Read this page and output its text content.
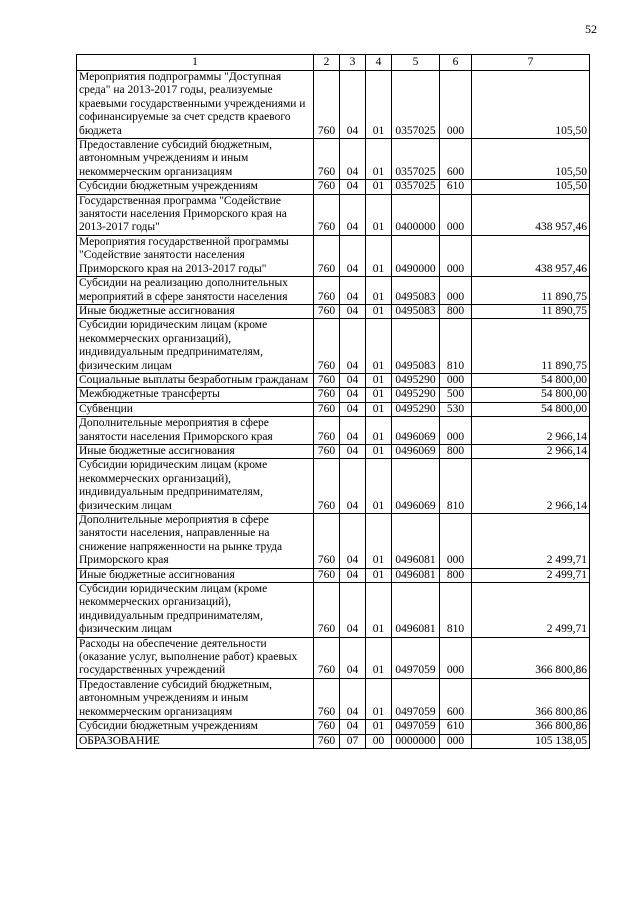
52
1	2	3	4	5	6	7
Мероприятия подпрограммы "Доступная среда" на 2013-2017 годы, реализуемые краевыми государственными учреждениями и софинансируемые за счет средств краевого бюджета	760	04	01	0357025	000	105,50
Предоставление субсидий бюджетным, автономным учреждениям и иным некоммерческим организациям	760	04	01	0357025	600	105,50
Субсидии бюджетным учреждениям	760	04	01	0357025	610	105,50
Государственная программа "Содействие занятости населения Приморского края на 2013-2017 годы"	760	04	01	0400000	000	438 957,46
Мероприятия государственной программы "Содействие занятости населения Приморского края на 2013-2017 годы"	760	04	01	0490000	000	438 957,46
Субсидии на реализацию дополнительных мероприятий в сфере занятости населения	760	04	01	0495083	000	11 890,75
Иные бюджетные ассигнования	760	04	01	0495083	800	11 890,75
Субсидии юридическим лицам (кроме некоммерческих организаций), индивидуальным предпринимателям, физическим лицам	760	04	01	0495083	810	11 890,75
Социальные выплаты безработным гражданам	760	04	01	0495290	000	54 800,00
Межбюджетные трансферты	760	04	01	0495290	500	54 800,00
Субвенции	760	04	01	0495290	530	54 800,00
Дополнительные мероприятия в сфере занятости населения Приморского края	760	04	01	0496069	000	2 966,14
Иные бюджетные ассигнования	760	04	01	0496069	800	2 966,14
Субсидии юридическим лицам (кроме некоммерческих организаций), индивидуальным предпринимателям, физическим лицам	760	04	01	0496069	810	2 966,14
Дополнительные мероприятия в сфере занятости населения, направленные на снижение напряженности на рынке труда Приморского края	760	04	01	0496081	000	2 499,71
Иные бюджетные ассигнования	760	04	01	0496081	800	2 499,71
Субсидии юридическим лицам (кроме некоммерческих организаций), индивидуальным предпринимателям, физическим лицам	760	04	01	0496081	810	2 499,71
Расходы на обеспечение деятельности (оказание услуг, выполнение работ) краевых государственных учреждений	760	04	01	0497059	000	366 800,86
Предоставление субсидий бюджетным, автономным учреждениям и иным некоммерческим организациям	760	04	01	0497059	600	366 800,86
Субсидии бюджетным учреждениям	760	04	01	0497059	610	366 800,86
ОБРАЗОВАНИЕ	760	07	00	0000000	000	105 138,05
